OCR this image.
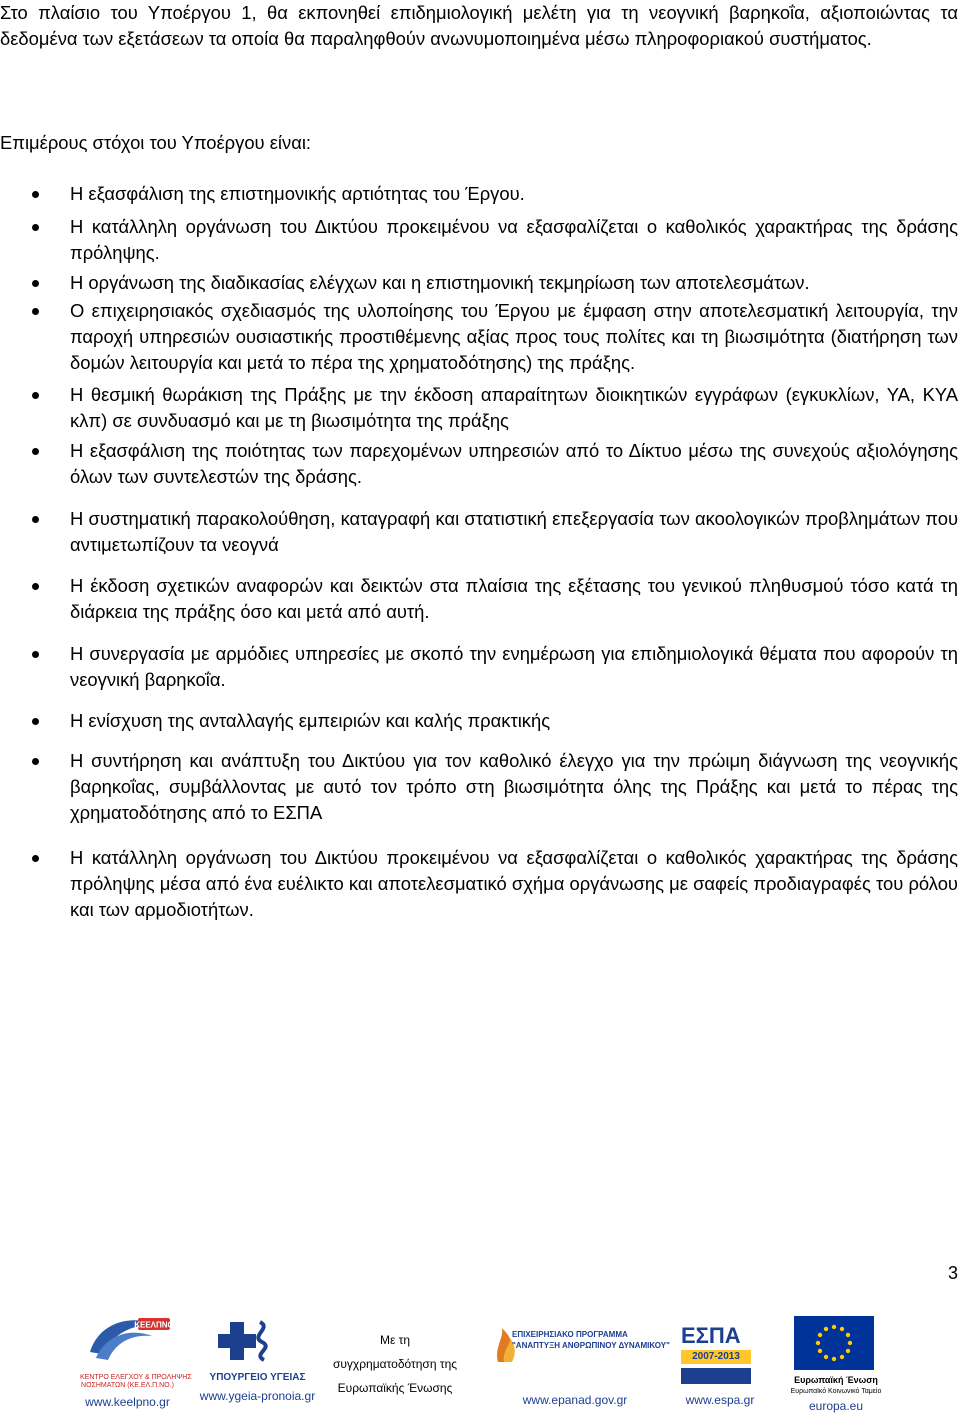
Στο πλαίσιο του Υποέργου 1, θα εκπονηθεί επιδημιολογική μελέτη για τη νεογνική βαρηκοΐα, αξιοποιώντας τα δεδομένα των εξετάσεων τα οποία θα παραληφθούν ανωνυμοποιημένα μέσω πληροφοριακού συστήματος.
Επιμέρους στόχοι του Υποέργου είναι:
Η εξασφάλιση της επιστημονικής αρτιότητας του Έργου.
Η κατάλληλη οργάνωση του Δικτύου προκειμένου να εξασφαλίζεται ο καθολικός χαρακτήρας της δράσης πρόληψης.
Η οργάνωση της διαδικασίας ελέγχων και η επιστημονική τεκμηρίωση των αποτελεσμάτων.
Ο επιχειρησιακός σχεδιασμός της υλοποίησης του Έργου με έμφαση στην αποτελεσματική λειτουργία, την παροχή υπηρεσιών ουσιαστικής προστιθέμενης αξίας προς τους πολίτες και τη βιωσιμότητα (διατήρηση των δομών λειτουργία και μετά το πέρα της χρηματοδότησης) της πράξης.
Η θεσμική θωράκιση της Πράξης με την έκδοση απαραίτητων διοικητικών εγγράφων (εγκυκλίων, ΥΑ, ΚΥΑ κλπ) σε συνδυασμό και με τη βιωσιμότητα της πράξης
Η εξασφάλιση της ποιότητας των παρεχομένων υπηρεσιών από το Δίκτυο μέσω της συνεχούς αξιολόγησης όλων των συντελεστών της δράσης.
Η συστηματική παρακολούθηση, καταγραφή και στατιστική επεξεργασία των ακοολογικών προβλημάτων που αντιμετωπίζουν τα νεογνά
Η έκδοση σχετικών αναφορών και δεικτών στα πλαίσια της εξέτασης του γενικού πληθυσμού τόσο κατά τη διάρκεια της πράξης όσο και μετά από αυτή.
Η συνεργασία με αρμόδιες υπηρεσίες με σκοπό την ενημέρωση για επιδημιολογικά θέματα που αφορούν τη νεογνική βαρηκοΐα.
Η ενίσχυση της ανταλλαγής εμπειριών και καλής πρακτικής
Η συντήρηση και ανάπτυξη του Δικτύου για τον καθολικό έλεγχο για την πρώιμη διάγνωση της νεογνικής βαρηκοΐας, συμβάλλοντας με αυτό τον τρόπο στη βιωσιμότητα όλης της Πράξης και μετά το πέρας της χρηματοδότησης από το ΕΣΠΑ
Η κατάλληλη οργάνωση του Δικτύου προκειμένου να εξασφαλίζεται ο καθολικός χαρακτήρας της δράσης πρόληψης μέσα από ένα ευέλικτο και αποτελεσματικό σχήμα οργάνωσης με σαφείς προδιαγραφές του ρόλου και των αρμοδιοτήτων.
3
ΚΕΕΛΠΝΟ
ΚΕΝΤΡΟ ΕΛΕΓΧΟΥ & ΠΡΟΛΗΨΗΣ
ΝΟΣΗΜΑΤΩΝ (ΚΕ.ΕΛ.Π.ΝΟ.)
www.keelpno.gr
ΥΠΟΥΡΓΕΙΟ ΥΓΕΙΑΣ
www.ygeia-pronoia.gr
Με τη
συγχρηματοδότηση της
Ευρωπαϊκής Ένωσης
ΕΠΙΧΕΙΡΗΣΙΑΚΟ ΠΡΟΓΡΑΜΜΑ
"ΑΝΑΠΤΥΞΗ ΑΝΘΡΩΠΙΝΟΥ ΔΥΝΑΜΙΚΟΥ"
www.epanad.gov.gr
ΕΣΠΑ
2007-2013
www.espa.gr
Ευρωπαϊκή Ένωση
Ευρωπαϊκό Κοινωνικό Ταμείο
europa.eu
